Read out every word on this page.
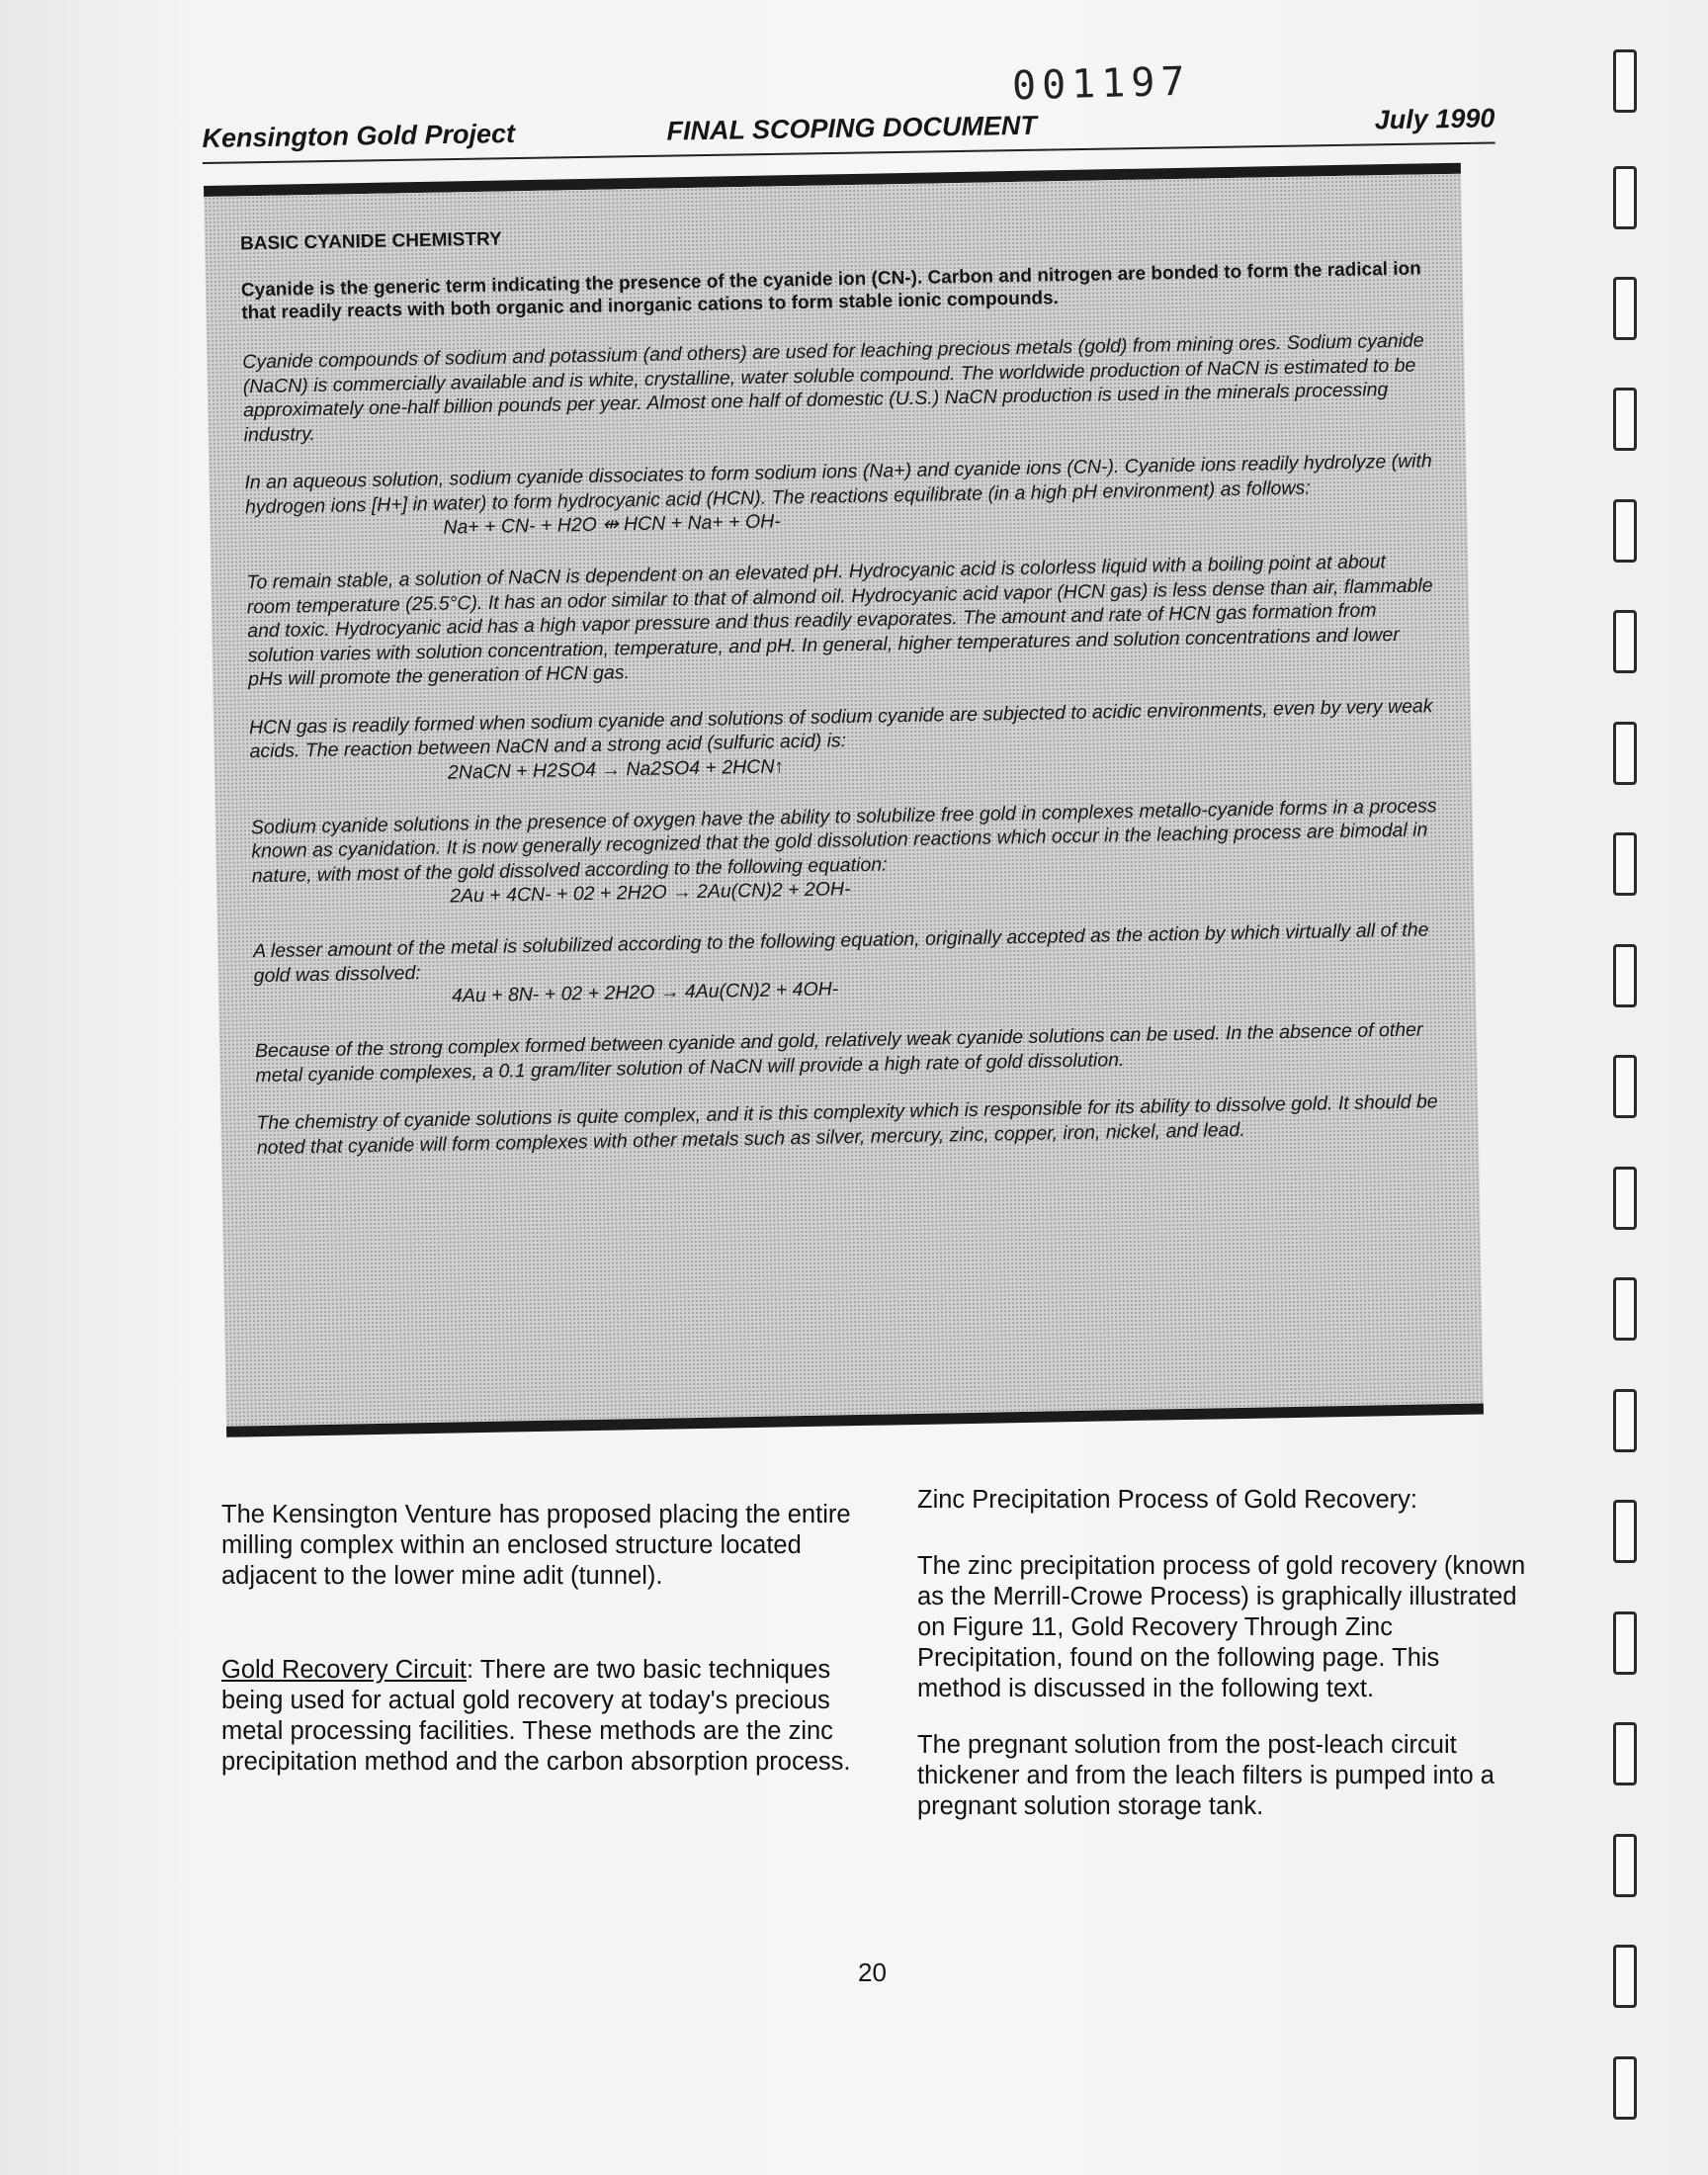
001197
Kensington Gold Project	FINAL SCOPING DOCUMENT	July 1990
BASIC CYANIDE CHEMISTRY

Cyanide is the generic term indicating the presence of the cyanide ion (CN-). Carbon and nitrogen are bonded to form the radical ion that readily reacts with both organic and inorganic cations to form stable ionic compounds.

Cyanide compounds of sodium and potassium (and others) are used for leaching precious metals (gold) from mining ores. Sodium cyanide (NaCN) is commercially available and is white, crystalline, water soluble compound. The worldwide production of NaCN is estimated to be approximately one-half billion pounds per year. Almost one half of domestic (U.S.) NaCN production is used in the minerals processing industry.

In an aqueous solution, sodium cyanide dissociates to form sodium ions (Na+) and cyanide ions (CN-). Cyanide ions readily hydrolyze (with hydrogen ions [H+] in water) to form hydrocyanic acid (HCN). The reactions equilibrate (in a high pH environment) as follows:

Na+ + CN- + H2O ⇹ HCN + Na+ + OH-

To remain stable, a solution of NaCN is dependent on an elevated pH. Hydrocyanic acid is colorless liquid with a boiling point at about room temperature (25.5°C). It has an odor similar to that of almond oil. Hydrocyanic acid vapor (HCN gas) is less dense than air, flammable and toxic. Hydrocyanic acid has a high vapor pressure and thus readily evaporates. The amount and rate of HCN gas formation from solution varies with solution concentration, temperature, and pH. In general, higher temperatures and solution concentrations and lower pHs will promote the generation of HCN gas.

HCN gas is readily formed when sodium cyanide and solutions of sodium cyanide are subjected to acidic environments, even by very weak acids. The reaction between NaCN and a strong acid (sulfuric acid) is:

2NaCN + H2SO4 → Na2SO4 + 2HCN↑

Sodium cyanide solutions in the presence of oxygen have the ability to solubilize free gold in complexes metallo-cyanide forms in a process known as cyanidation. It is now generally recognized that the gold dissolution reactions which occur in the leaching process are bimodal in nature, with most of the gold dissolved according to the following equation:

2Au + 4CN- + 02 + 2H2O → 2Au(CN)2 + 2OH-

A lesser amount of the metal is solubilized according to the following equation, originally accepted as the action by which virtually all of the gold was dissolved:

4Au + 8N- + 02 + 2H2O → 4Au(CN)2 + 4OH-

Because of the strong complex formed between cyanide and gold, relatively weak cyanide solutions can be used. In the absence of other metal cyanide complexes, a 0.1 gram/liter solution of NaCN will provide a high rate of gold dissolution.

The chemistry of cyanide solutions is quite complex, and it is this complexity which is responsible for its ability to dissolve gold. It should be noted that cyanide will form complexes with other metals such as silver, mercury, zinc, copper, iron, nickel, and lead.

The Kensington Venture has proposed placing the entire milling complex within an enclosed structure located adjacent to the lower mine adit (tunnel).

Gold Recovery Circuit: There are two basic techniques being used for actual gold recovery at today's precious metal processing facilities. These methods are the zinc precipitation method and the carbon absorption process.

Zinc Precipitation Process of Gold Recovery:

The zinc precipitation process of gold recovery (known as the Merrill-Crowe Process) is graphically illustrated on Figure 11, Gold Recovery Through Zinc Precipitation, found on the following page. This method is discussed in the following text.

The pregnant solution from the post-leach circuit thickener and from the leach filters is pumped into a pregnant solution storage tank.

20
